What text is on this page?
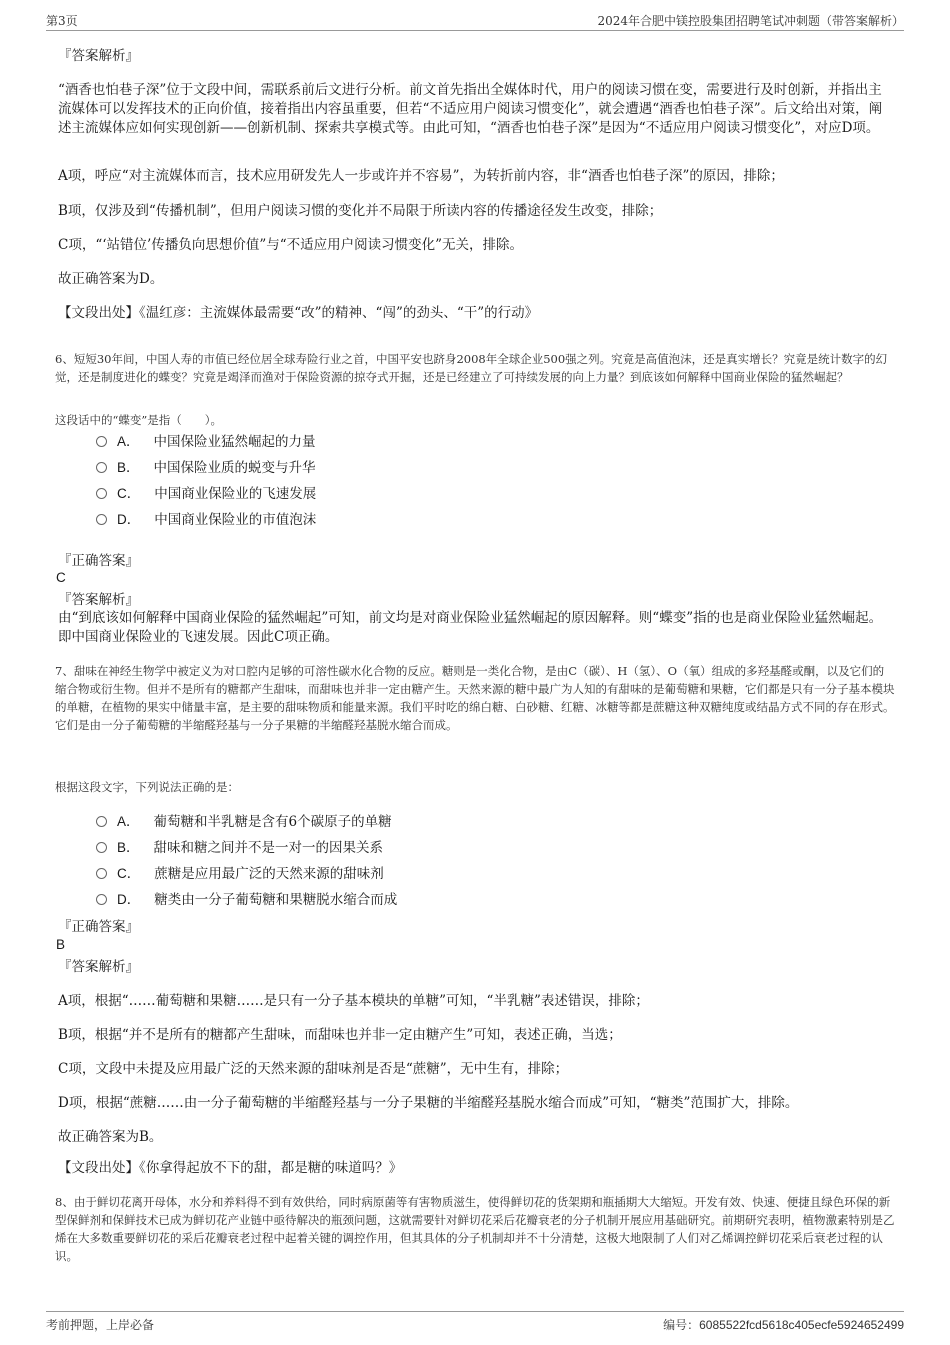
第3页	2024年合肥中镁控股集团招聘笔试冲刺题（带答案解析）
『答案解析』
“酒香也怕巷子深”位于文段中间，需联系前后文进行分析。前文首先指出全媒体时代，用户的阅读习惯在变，需要进行及时创新，并指出主流媒体可以发挥技术的正向价值，接着指出内容虽重要，但若“不适应用户阅读习惯变化”，就会遭遇“酒香也怕巷子深”。后文给出对策，阐述主流媒体应如何实现创新——创新机制、探索共享模式等。由此可知，“酒香也怕巷子深”是因为“不适应用户阅读习惯变化”，对应D项。
A项，呼应“对主流媒体而言，技术应用研发先人一步或许并不容易”，为转折前内容，非“酒香也怕巷子深”的原因，排除；
B项，仅涉及到“传播机制”，但用户阅读习惯的变化并不局限于所读内容的传播途径发生改变，排除；
C项，“‘站错位’传播负向思想价值”与“不适应用户阅读习惯变化”无关，排除。
故正确答案为D。
【文段出处】《温红彦：主流媒体最需要“改”的精神、“闯”的劲头、“干”的行动》
6、短短30年间，中国人寿的市值已经位居全球寿险行业之首，中国平安也跻身2008年全球企业500强之列。究竟是高值泡沫，还是真实增长？究竟是统计数字的幻觉，还是制度进化的蝶变？究竟是竭泽而渔对于保险资源的掠夺式开掘，还是已经建立了可持续发展的向上力量？到底该如何解释中国商业保险的猛然崛起？
这段话中的“蝶变”是指（　　）。
A． 中国保险业猛然崛起的力量
B． 中国保险业质的蜕变与升华
C． 中国商业保险业的飞速发展
D． 中国商业保险业的市值泡沫
『正确答案』
C
『答案解析』
由“到底该如何解释中国商业保险的猛然崛起”可知，前文均是对商业保险业猛然崛起的原因解释。则“蝶变”指的也是商业保险业猛然崛起。即中国商业保险业的飞速发展。因此C项正确。
7、甜味在神经生物学中被定义为对口腔内足够的可溶性碳水化合物的反应。糖则是一类化合物，是由C（碳）、H（氢）、O（氧）组成的多羟基醛或酮，以及它们的缩合物或衍生物。但并不是所有的糖都产生甜味，而甜味也并非一定由糖产生。天然来源的糖中最广为人知的有甜味的是葡萄糖和果糖，它们都是只有一分子基本模块的单糖，在植物的果实中储量丰富，是主要的甜味物质和能量来源。我们平时吃的绵白糖、白砂糖、红糖、冰糖等都是蔗糖这种双糖纯度或结晶方式不同的存在形式。它们是由一分子葡萄糖的半缩醛羟基与一分子果糖的半缩醛羟基脱水缩合而成。
根据这段文字，下列说法正确的是：
A． 葡萄糖和半乳糖是含有6个碳原子的单糖
B． 甜味和糖之间并不是一对一的因果关系
C． 蔗糖是应用最广泛的天然来源的甜味剂
D． 糖类由一分子葡萄糖和果糖脱水缩合而成
『正确答案』
B
『答案解析』
A项，根据“……葡萄糖和果糖……是只有一分子基本模块的单糖”可知，“半乳糖”表述错误，排除；
B项，根据“并不是所有的糖都产生甜味，而甜味也并非一定由糖产生”可知，表述正确，当选；
C项，文段中未提及应用最广泛的天然来源的甜味剂是否是“蔗糖”，无中生有，排除；
D项，根据“蔗糖……由一分子葡萄糖的半缩醛羟基与一分子果糖的半缩醛羟基脱水缩合而成”可知，“糖类”范围扩大，排除。
故正确答案为B。
【文段出处】《你拿得起放不下的甜，都是糖的味道吗？》
8、由于鲜切花离开母体，水分和养料得不到有效供给，同时病原菌等有害物质滋生，使得鲜切花的货架期和瓶插期大大缩短。开发有效、快速、便捷且绿色环保的新型保鲜剂和保鲜技术已成为鲜切花产业链中亟待解决的瓶颈问题，这就需要针对鲜切花采后花瓣衰老的分子机制开展应用基础研究。前期研究表明，植物激素特别是乙烯在大多数重要鲜切花的采后花瓣衰老过程中起着关键的调控作用，但其具体的分子机制却并不十分清楚，这极大地限制了人们对乙烯调控鲜切花采后衰老过程的认识。
考前押题，上岸必备	编号：6085522fcd5618c405ecfe5924652499
